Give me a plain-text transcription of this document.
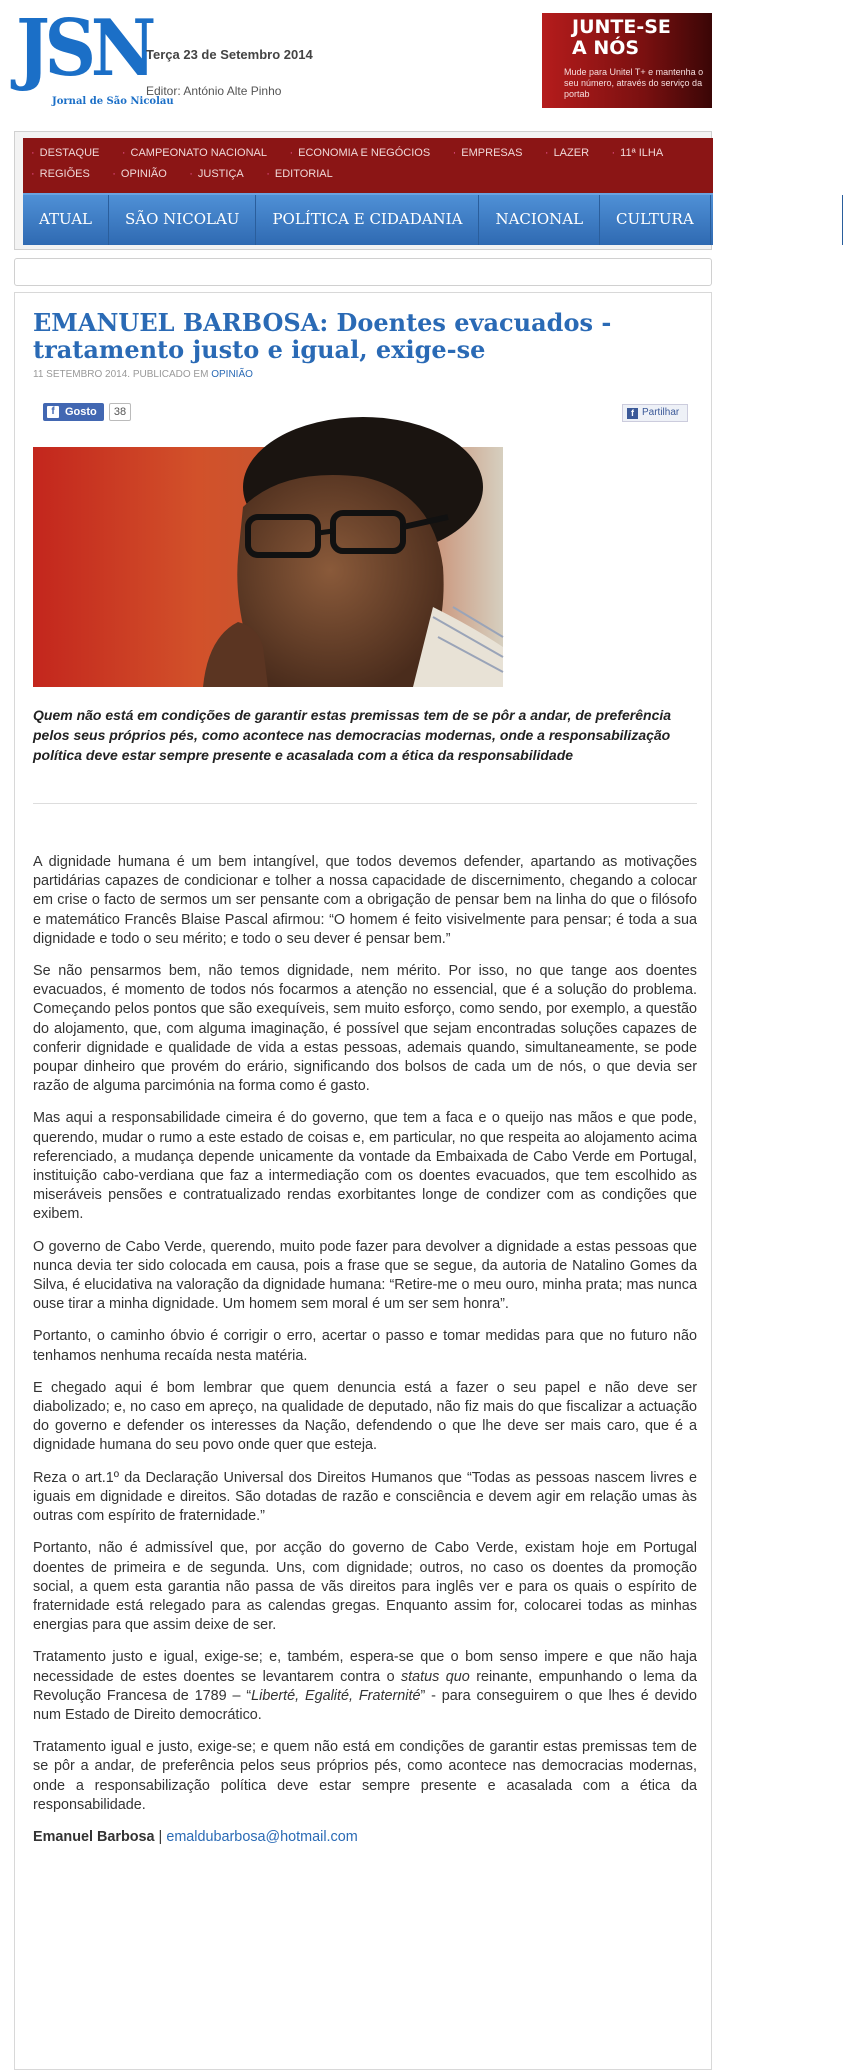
JSN
Jornal de São Nicolau
Terça 23 de Setembro 2014
Editor: António Alte Pinho
JUNTE-SE
A NÓS
Mude para Unitel T+ e mantenha o seu número, através do serviço da portab
· DESTAQUE	· CAMPEONATO NACIONAL	· ECONOMIA E NEGÓCIOS	· EMPRESAS	· LAZER	· 11ª ILHA · REGIÕES	· OPINIÃO	· JUSTIÇA	· EDITORIAL
ATUAL	SÃO NICOLAU	POLÍTICA E CIDADANIA	NACIONAL	CULTURA	DESPORTOS
EMANUEL BARBOSA: Doentes evacuados - tratamento justo e igual, exige-se
11 SETEMBRO 2014. PUBLICADO EM OPINIÃO
f Gosto	38	f Partilhar

Quem não está em condições de garantir estas premissas tem de se pôr a andar, de preferência pelos seus próprios pés, como acontece nas democracias modernas, onde a responsabilização política deve estar sempre presente e acasalada com a ética da responsabilidade

A dignidade humana é um bem intangível, que todos devemos defender, apartando as motivações partidárias capazes de condicionar e tolher a nossa capacidade de discernimento, chegando a colocar em crise o facto de sermos um ser pensante com a obrigação de pensar bem na linha do que o filósofo e matemático Francês Blaise Pascal afirmou: “O homem é feito visivelmente para pensar; é toda a sua dignidade e todo o seu mérito; e todo o seu dever é pensar bem.”

Se não pensarmos bem, não temos dignidade, nem mérito. Por isso, no que tange aos doentes evacuados, é momento de todos nós focarmos a atenção no essencial, que é a solução do problema. Começando pelos pontos que são exequíveis, sem muito esforço, como sendo, por exemplo, a questão do alojamento, que, com alguma imaginação, é possível que sejam encontradas soluções capazes de conferir dignidade e qualidade de vida a estas pessoas, ademais quando, simultaneamente, se pode poupar dinheiro que provém do erário, significando dos bolsos de cada um de nós, o que devia ser razão de alguma parcimónia na forma como é gasto.

Mas aqui a responsabilidade cimeira é do governo, que tem a faca e o queijo nas mãos e que pode, querendo, mudar o rumo a este estado de coisas e, em particular, no que respeita ao alojamento acima referenciado, a mudança depende unicamente da vontade da Embaixada de Cabo Verde em Portugal, instituição cabo-verdiana que faz a intermediação com os doentes evacuados, que tem escolhido as miseráveis pensões e contratualizado rendas exorbitantes longe de condizer com as condições que exibem.

O governo de Cabo Verde, querendo, muito pode fazer para devolver a dignidade a estas pessoas que nunca devia ter sido colocada em causa, pois a frase que se segue, da autoria de Natalino Gomes da Silva, é elucidativa na valoração da dignidade humana: “Retire-me o meu ouro, minha prata; mas nunca ouse tirar a minha dignidade. Um homem sem moral é um ser sem honra”.

Portanto, o caminho óbvio é corrigir o erro, acertar o passo e tomar medidas para que no futuro não tenhamos nenhuma recaída nesta matéria.

E chegado aqui é bom lembrar que quem denuncia está a fazer o seu papel e não deve ser diabolizado; e, no caso em apreço, na qualidade de deputado, não fiz mais do que fiscalizar a actuação do governo e defender os interesses da Nação, defendendo o que lhe deve ser mais caro, que é a dignidade humana do seu povo onde quer que esteja.

Reza o art.1º da Declaração Universal dos Direitos Humanos que “Todas as pessoas nascem livres e iguais em dignidade e direitos. São dotadas de razão e consciência e devem agir em relação umas às outras com espírito de fraternidade.”

Portanto, não é admissível que, por acção do governo de Cabo Verde, existam hoje em Portugal doentes de primeira e de segunda. Uns, com dignidade; outros, no caso os doentes da promoção social, a quem esta garantia não passa de vãs direitos para inglês ver e para os quais o espírito de fraternidade está relegado para as calendas gregas. Enquanto assim for, colocarei todas as minhas energias para que assim deixe de ser.

Tratamento justo e igual, exige-se; e, também, espera-se que o bom senso impere e que não haja necessidade de estes doentes se levantarem contra o status quo reinante, empunhando o lema da Revolução Francesa de 1789 – “Liberté, Egalité, Fraternité” - para conseguirem o que lhes é devido num Estado de Direito democrático.

Tratamento igual e justo, exige-se; e quem não está em condições de garantir estas premissas tem de se pôr a andar, de preferência pelos seus próprios pés, como acontece nas democracias modernas, onde a responsabilização política deve estar sempre presente e acasalada com a ética da responsabilidade.

Emanuel Barbosa | emaldubarbosa@hotmail.com
